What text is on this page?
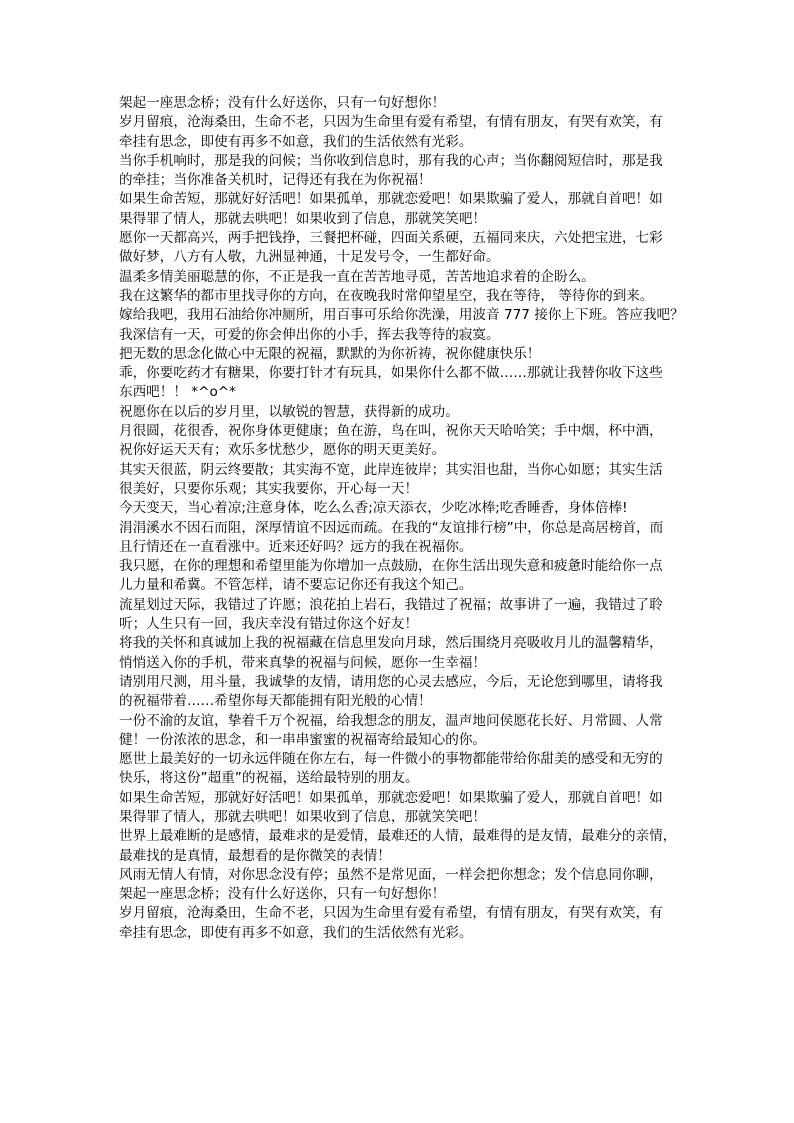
架起一座思念桥；没有什么好送你，只有一句好想你！
岁月留痕，沧海桑田，生命不老，只因为生命里有爱有希望，有情有朋友，有哭有欢笑，有
牵挂有思念，即使有再多不如意，我们的生活依然有光彩。
当你手机响时，那是我的问候；当你收到信息时，那有我的心声；当你翻阅短信时，那是我
的牵挂；当你准备关机时，记得还有我在为你祝福！
如果生命苦短，那就好好活吧！如果孤单，那就恋爱吧！如果欺骗了爱人，那就自首吧！如
果得罪了情人，那就去哄吧！如果收到了信息，那就笑笑吧！
愿你一天都高兴，两手把钱挣，三餐把杯碰，四面关系硬，五福同来庆，六处把宝进，七彩
做好梦，八方有人敬，九洲显神通，十足发号令，一生都好命。
温柔多情美丽聪慧的你，不正是我一直在苦苦地寻觅，苦苦地追求着的企盼么。
我在这繁华的都市里找寻你的方向，在夜晚我时常仰望星空，我在等待， 等待你的到来。
嫁给我吧，我用石油给你冲厕所，用百事可乐给你洗澡，用波音 777 接你上下班。答应我吧？
我深信有一天，可爱的你会伸出你的小手，挥去我等待的寂寞。
把无数的思念化做心中无限的祝福，默默的为你祈祷，祝你健康快乐！
乖，你要吃药才有糖果，你要打针才有玩具，如果你什么都不做……那就让我替你收下这些
东西吧！！ *^o^*
祝愿你在以后的岁月里，以敏锐的智慧，获得新的成功。
月很圆，花很香，祝你身体更健康；鱼在游，鸟在叫，祝你天天哈哈笑；手中烟，杯中酒，
祝你好运天天有；欢乐多忧愁少，愿你的明天更美好。
其实天很蓝，阴云终要散；其实海不宽，此岸连彼岸；其实泪也甜，当你心如愿；其实生活
很美好，只要你乐观；其实我要你，开心每一天！
今天变天，当心着凉;注意身体，吃么么香;凉天添衣，少吃冰棒;吃香睡香，身体倍棒!
涓涓溪水不因石而阻，深厚情谊不因远而疏。在我的“友谊排行榜”中，你总是高居榜首，而
且行情还在一直看涨中。近来还好吗？远方的我在祝福你。
我只愿，在你的理想和希望里能为你增加一点鼓励，在你生活出现失意和疲惫时能给你一点
儿力量和希冀。不管怎样，请不要忘记你还有我这个知己。
流星划过天际，我错过了许愿；浪花拍上岩石，我错过了祝福；故事讲了一遍，我错过了聆
听；人生只有一回，我庆幸没有错过你这个好友！
将我的关怀和真诚加上我的祝福藏在信息里发向月球，然后围绕月亮吸收月儿的温馨精华，
悄悄送入你的手机，带来真挚的祝福与问候，愿你一生幸福！
请别用尺测，用斗量，我诚挚的友情，请用您的心灵去感应，今后，无论您到哪里，请将我
的祝福带着……希望你每天都能拥有阳光般的心情！
一份不渝的友谊，挚着千万个祝福，给我想念的朋友，温声地问侯愿花长好、月常圆、人常
健！一份浓浓的思念，和一串串蜜蜜的祝福寄给最知心的你。
愿世上最美好的一切永远伴随在你左右，每一件微小的事物都能带给你甜美的感受和无穷的
快乐，将这份”超重”的祝福，送给最特别的朋友。
如果生命苦短，那就好好活吧！如果孤单，那就恋爱吧！如果欺骗了爱人，那就自首吧！如
果得罪了情人，那就去哄吧！如果收到了信息，那就笑笑吧！
世界上最难断的是感情，最难求的是爱情，最难还的人情，最难得的是友情，最难分的亲情，
最难找的是真情，最想看的是你微笑的表情！
风雨无情人有情，对你思念没有停；虽然不是常见面，一样会把你想念；发个信息同你聊，
架起一座思念桥；没有什么好送你，只有一句好想你！
岁月留痕，沧海桑田，生命不老，只因为生命里有爱有希望，有情有朋友，有哭有欢笑，有
牵挂有思念，即使有再多不如意，我们的生活依然有光彩。
